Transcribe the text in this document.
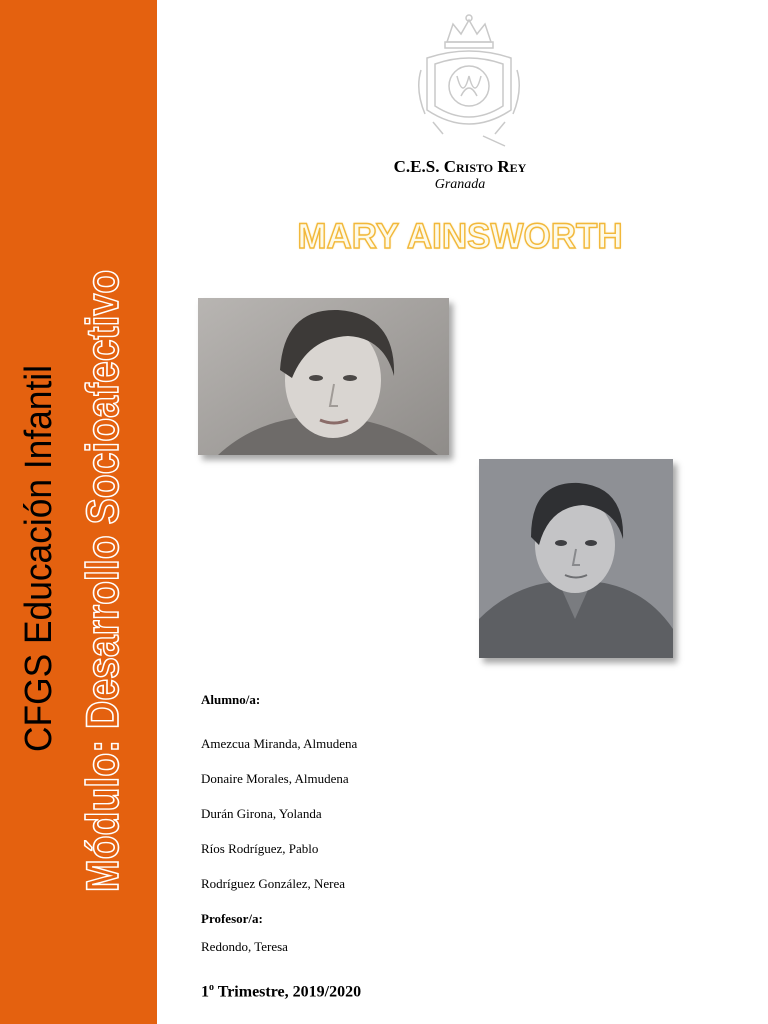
CFGS Educación Infantil Módulo: Desarrollo Socioafectivo
C.E.S. Cristo Rey
Granada
MARY AINSWORTH
Alumno/a:
Amezcua Miranda, Almudena
Donaire Morales, Almudena
Durán Girona, Yolanda
Ríos Rodríguez, Pablo
Rodríguez González, Nerea
Profesor/a:
Redondo, Teresa
1$^o$ Trimestre, 2019/2020
